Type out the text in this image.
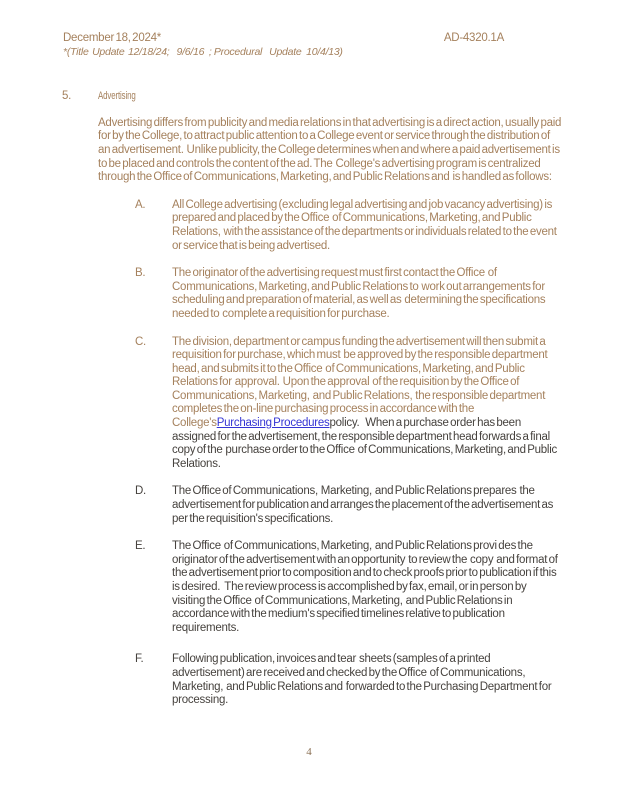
December 18, 2024*	AD-4320.1A
*(Title   Update   12/18/24;      9/6/16    ;  Procedural      Update    10/4/13)
5.	Advertising

Advertising differs from publicity and media relations in that advertising is a direct action, usually paid for by the College, to attract public attention to a College event or service through the distribution of an advertisement.  Unlike publicity, the College determines when and where a paid advertisement is to be placed and controls the content of the ad. The  College's advertising program is centralized through the Office of Communications, Marketing, and Public Relations and  is handled as follows:

A.	All College advertising (excluding legal advertising and job vacancy advertising) is prepared and placed by the Office  of Communications, Marketing, and Public Relations,  with the assistance of the departments or individuals related to the event  or service that is being advertised.

B.	The originator of the advertising request must first contact the Office  of Communications, Marketing, and Public Relations to  work out arrangements for scheduling and preparation of material, as well as  determining the specifications needed to  complete a requisition for purchase.

C.	The division, department or campus funding the advertisement will then submit a requisition for purchase, which must  be approved by the responsible department head, and submits it to the Office  of Communications, Marketing, and Public Relations for  approval.  Upon the approval  of the requisition by the Office of  Communications, Marketing,  and Public Relations,  the responsible department completes the on-line purchasing process in accordance with the College'sPurchasing Procedurespolicy.    When a purchase order has been assigned for the advertisement, the responsible department head forwards a final copy of the  purchase order to the Office  of Communications, Marketing, and Public Relations.

D.	The Office of Communications,  Marketing,  and Public Relations prepares  the advertisement for publication and arranges the placement of the advertisement as per the requisition's specifications.

E.	The Office  of Communications, Marketing,  and Public Relations provi des the originator of the advertisement with an opportunity  to review the  copy  and format of the advertisement prior to composition and to check proofs prior to publication if this is desired.   The review process is accomplished by fax, email, or in person by  visiting the Office  of Communications, Marketing,  and Public Relations in   accordance with the medium's specified timelines relative to publication requirements.

F.	Following publication, invoices and tear  sheets (samples of a printed advertisement) are received and checked by the Office  of Communications, Marketing,  and Public Relations and  forwarded to the Purchasing Department for processing.

4
